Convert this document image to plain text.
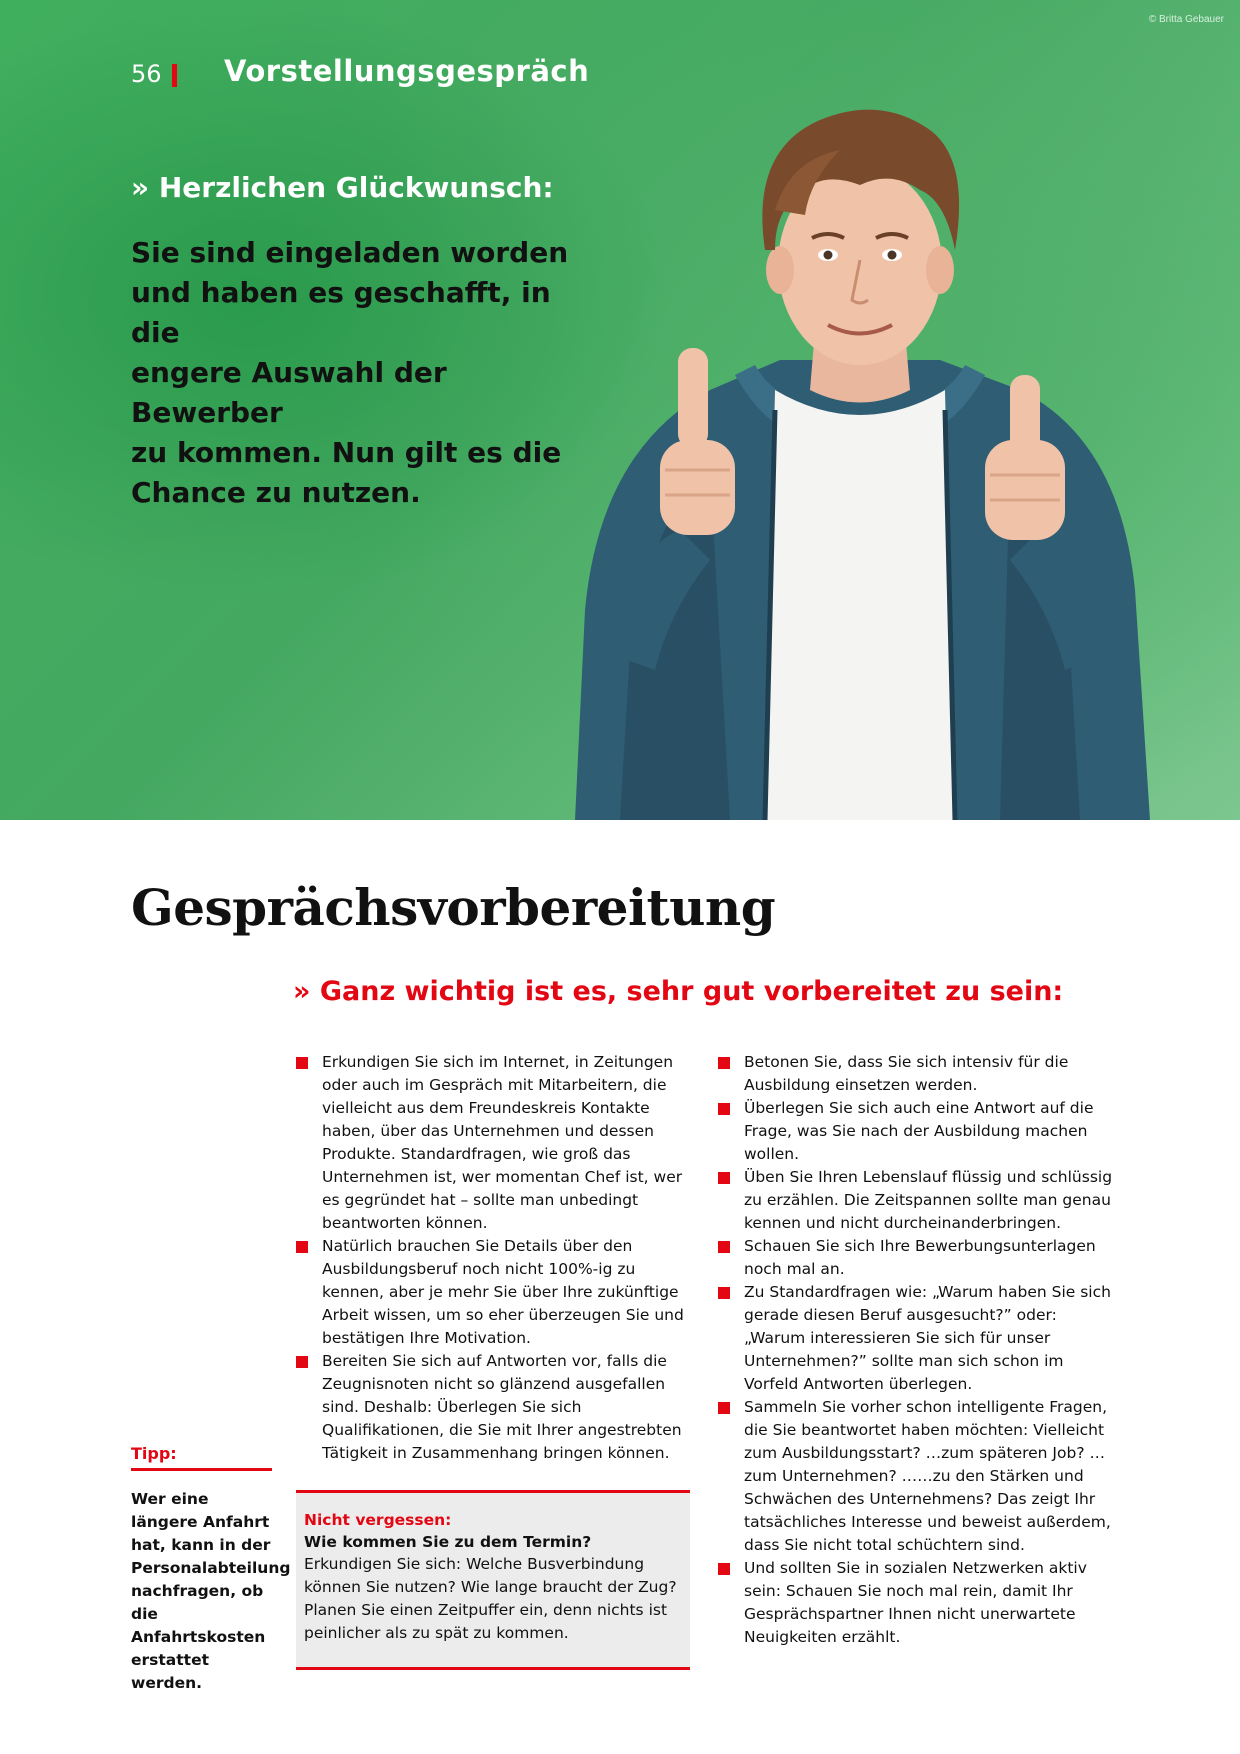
© Britta Gebauer
56 Vorstellungsgespräch
» Herzlichen Glückwunsch:
Sie sind eingeladen worden
und haben es geschafft, in die
engere Auswahl der Bewerber
zu kommen. Nun gilt es die
Chance zu nutzen.
Gesprächsvorbereitung
» Ganz wichtig ist es, sehr gut vorbereitet zu sein:
Erkundigen Sie sich im Internet, in Zeitungen oder auch im Gespräch mit Mitarbeitern, die vielleicht aus dem Freundeskreis Kontakte haben, über das Unternehmen und dessen Produkte. Standardfragen, wie groß das Unternehmen ist, wer momentan Chef ist, wer es gegründet hat – sollte man unbedingt beantworten können.
Natürlich brauchen Sie Details über den Ausbildungsberuf noch nicht 100%-ig zu kennen, aber je mehr Sie über Ihre zukünftige Arbeit wissen, um so eher überzeugen Sie und bestätigen Ihre Motivation.
Bereiten Sie sich auf Antworten vor, falls die Zeugnisnoten nicht so glänzend ausgefallen sind. Deshalb: Überlegen Sie sich Qualifikationen, die Sie mit Ihrer angestrebten Tätigkeit in Zusammenhang bringen können.
Betonen Sie, dass Sie sich intensiv für die Ausbildung einsetzen werden.
Überlegen Sie sich auch eine Antwort auf die Frage, was Sie nach der Ausbildung machen wollen.
Üben Sie Ihren Lebenslauf flüssig und schlüssig zu erzählen. Die Zeitspannen sollte man genau kennen und nicht durcheinanderbringen.
Schauen Sie sich Ihre Bewerbungsunterlagen noch mal an.
Zu Standardfragen wie: „Warum haben Sie sich gerade diesen Beruf ausgesucht?” oder: „Warum interessieren Sie sich für unser Unternehmen?” sollte man sich schon im Vorfeld Antworten überlegen.
Sammeln Sie vorher schon intelligente Fragen, die Sie beantwortet haben möchten: Vielleicht zum Ausbildungsstart? …zum späteren Job? …zum Unternehmen? ……zu den Stärken und Schwächen des Unternehmens? Das zeigt Ihr tatsächliches Interesse und beweist außerdem, dass Sie nicht total schüchtern sind.
Und sollten Sie in sozialen Netzwerken aktiv sein: Schauen Sie noch mal rein, damit Ihr Gesprächspartner Ihnen nicht unerwartete Neuigkeiten erzählt.
Tipp:
Wer eine längere Anfahrt hat, kann in der Personalabteilung nachfragen, ob die Anfahrtskosten erstattet werden.
Nicht vergessen:
Wie kommen Sie zu dem Termin?
Erkundigen Sie sich: Welche Busverbindung können Sie nutzen? Wie lange braucht der Zug? Planen Sie einen Zeitpuffer ein, denn nichts ist peinlicher als zu spät zu kommen.
